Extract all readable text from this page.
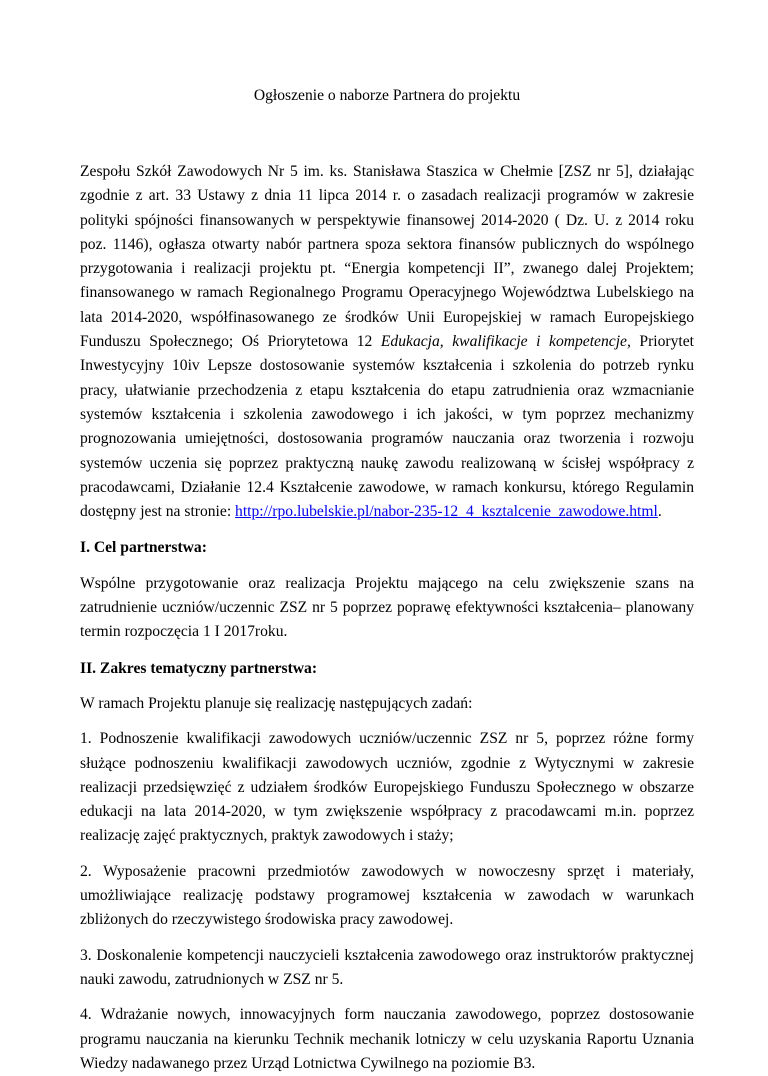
Ogłoszenie o naborze Partnera do projektu

Zespołu Szkół Zawodowych Nr 5 im. ks. Stanisława Staszica w Chełmie [ZSZ nr 5], działając zgodnie z art. 33 Ustawy z dnia 11 lipca 2014 r. o zasadach realizacji programów w zakresie polityki spójności finansowanych w perspektywie finansowej 2014-2020 ( Dz. U. z 2014 roku poz. 1146), ogłasza otwarty nabór partnera spoza sektora finansów publicznych do wspólnego przygotowania i realizacji projektu pt. “Energia kompetencji II”, zwanego dalej Projektem; finansowanego w ramach Regionalnego Programu Operacyjnego Województwa Lubelskiego na lata 2014-2020, współfinasowanego ze środków Unii Europejskiej w ramach Europejskiego Funduszu Społecznego; Oś Priorytetowa 12 Edukacja, kwalifikacje i kompetencje, Priorytet Inwestycyjny 10iv Lepsze dostosowanie systemów kształcenia i szkolenia do potrzeb rynku pracy, ułatwianie przechodzenia z etapu kształcenia do etapu zatrudnienia oraz wzmacnianie systemów kształcenia i szkolenia zawodowego i ich jakości, w tym poprzez mechanizmy prognozowania umiejętności, dostosowania programów nauczania oraz tworzenia i rozwoju systemów uczenia się poprzez praktyczną naukę zawodu realizowaną w ścisłej współpracy z pracodawcami, Działanie 12.4 Kształcenie zawodowe, w ramach konkursu, którego Regulamin dostępny jest na stronie: http://rpo.lubelskie.pl/nabor-235-12_4_ksztalcenie_zawodowe.html.

I. Cel partnerstwa:

Wspólne przygotowanie oraz realizacja Projektu mającego na celu zwiększenie szans na zatrudnienie uczniów/uczennic ZSZ nr 5 poprzez poprawę efektywności kształcenia– planowany termin rozpoczęcia 1 I 2017roku.

II. Zakres tematyczny partnerstwa:

W ramach Projektu planuje się realizację następujących zadań:

1. Podnoszenie kwalifikacji zawodowych uczniów/uczennic ZSZ nr 5, poprzez różne formy służące podnoszeniu kwalifikacji zawodowych uczniów, zgodnie z Wytycznymi w zakresie realizacji przedsięwzięć z udziałem środków Europejskiego Funduszu Społecznego w obszarze edukacji na lata 2014-2020, w tym zwiększenie współpracy z pracodawcami m.in. poprzez realizację zajęć praktycznych, praktyk zawodowych i staży;

2. Wyposażenie pracowni przedmiotów zawodowych w nowoczesny sprzęt i materiały, umożliwiające realizację podstawy programowej kształcenia w zawodach w warunkach zbliżonych do rzeczywistego środowiska pracy zawodowej.

3. Doskonalenie kompetencji nauczycieli kształcenia zawodowego oraz instruktorów praktycznej nauki zawodu, zatrudnionych w ZSZ nr 5.

4. Wdrażanie nowych, innowacyjnych form nauczania zawodowego, poprzez dostosowanie programu nauczania na kierunku Technik mechanik lotniczy w celu uzyskania Raportu Uznania Wiedzy nadawanego przez Urząd Lotnictwa Cywilnego na poziomie B3.
